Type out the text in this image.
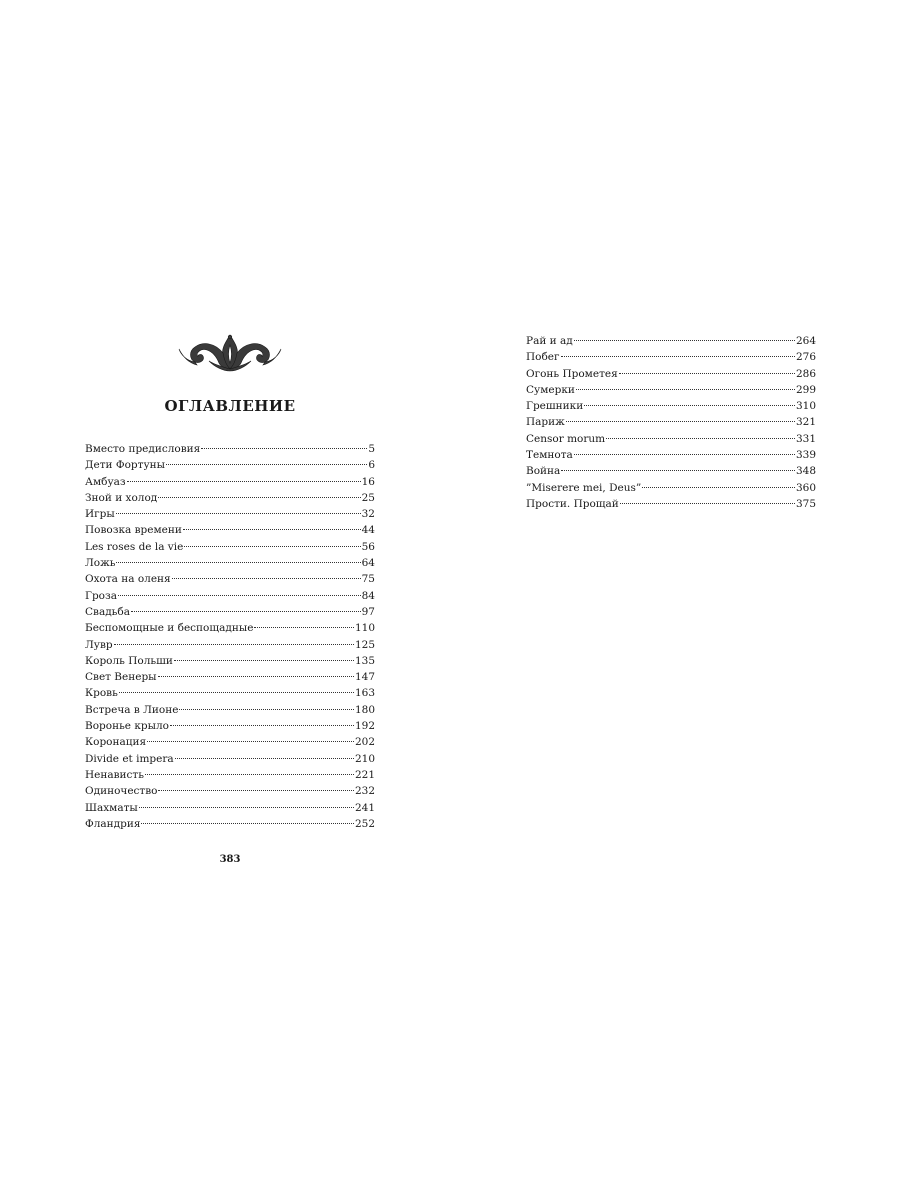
ОГЛАВЛЕНИЕ
Вместо предисловия	5
Дети Фортуны	6
Амбуаз	16
Зной и холод	25
Игры	32
Повозка времени	44
Les roses de la vie	56
Ложь	64
Охота на оленя	75
Гроза	84
Свадьба	97
Беспомощные и беспощадные	110
Лувр	125
Король Польши	135
Свет Венеры	147
Кровь	163
Встреча в Лионе	180
Воронье крыло	192
Коронация	202
Divide et impera	210
Ненависть	221
Одиночество	232
Шахматы	241
Фландрия	252
383
Рай и ад	264
Побег	276
Огонь Прометея	286
Сумерки	299
Грешники	310
Париж	321
Censor morum	331
Темнота	339
Война	348
”Miserere mei, Deus”	360
Прости. Прощай	375
